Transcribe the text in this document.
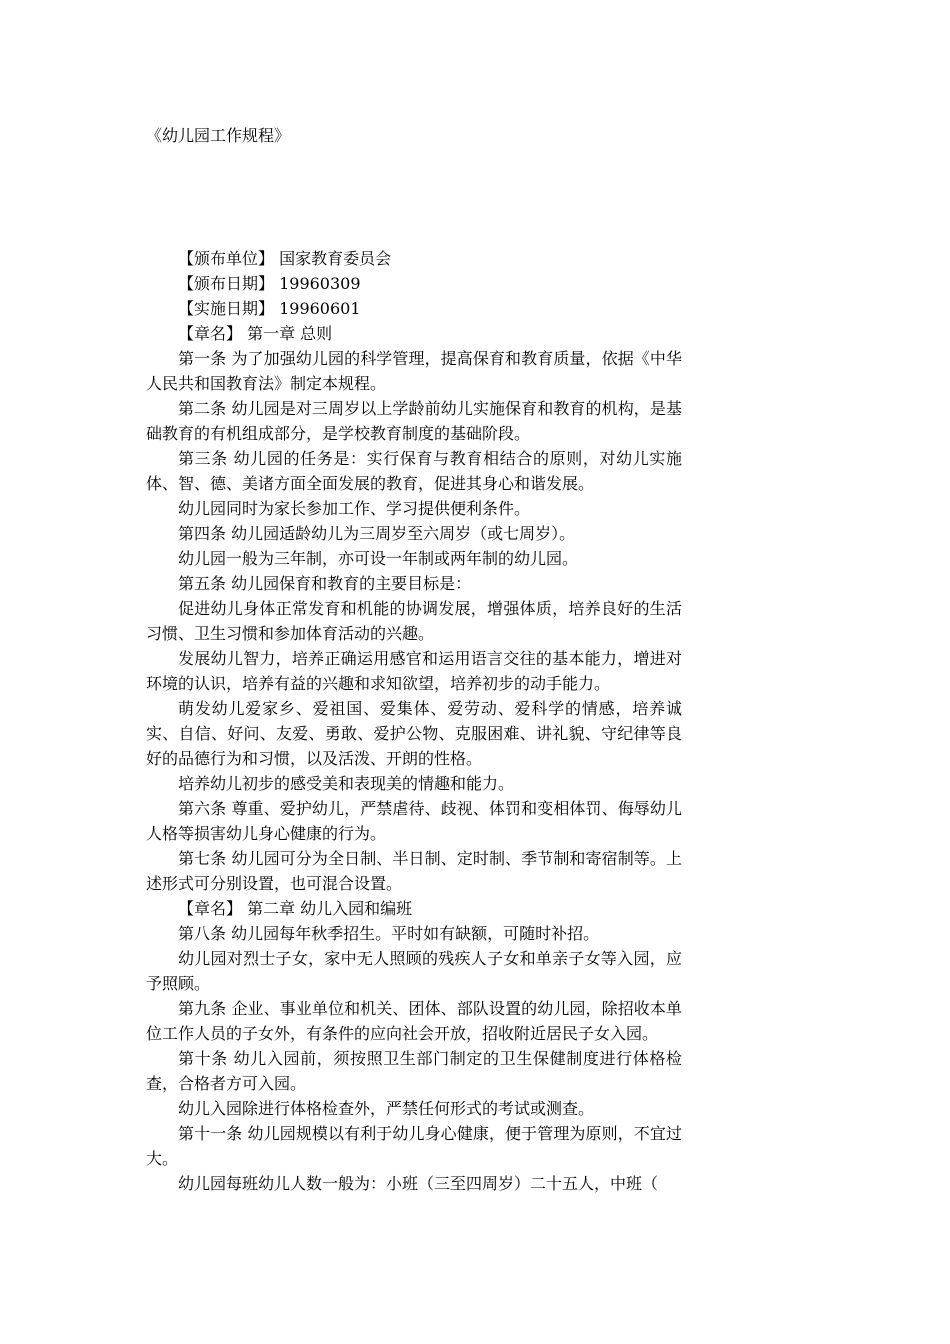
《幼儿园工作规程》

【颁布单位】 国家教育委员会

【颁布日期】 19960309

【实施日期】 19960601

【章名】 第一章 总则

第一条 为了加强幼儿园的科学管理，提高保育和教育质量，依据《中华人民共和国教育法》制定本规程。

第二条 幼儿园是对三周岁以上学龄前幼儿实施保育和教育的机构，是基础教育的有机组成部分，是学校教育制度的基础阶段。

第三条 幼儿园的任务是：实行保育与教育相结合的原则，对幼儿实施体、智、德、美诸方面全面发展的教育，促进其身心和谐发展。

幼儿园同时为家长参加工作、学习提供便利条件。

第四条 幼儿园适龄幼儿为三周岁至六周岁（或七周岁）。

幼儿园一般为三年制，亦可设一年制或两年制的幼儿园。

第五条 幼儿园保育和教育的主要目标是：

促进幼儿身体正常发育和机能的协调发展，增强体质，培养良好的生活习惯、卫生习惯和参加体育活动的兴趣。

发展幼儿智力，培养正确运用感官和运用语言交往的基本能力，增进对环境的认识，培养有益的兴趣和求知欲望，培养初步的动手能力。

萌发幼儿爱家乡、爱祖国、爱集体、爱劳动、爱科学的情感，培养诚实、自信、好问、友爱、勇敢、爱护公物、克服困难、讲礼貌、守纪律等良好的品德行为和习惯，以及活泼、开朗的性格。

培养幼儿初步的感受美和表现美的情趣和能力。

第六条 尊重、爱护幼儿，严禁虐待、歧视、体罚和变相体罚、侮辱幼儿人格等损害幼儿身心健康的行为。

第七条 幼儿园可分为全日制、半日制、定时制、季节制和寄宿制等。上述形式可分别设置，也可混合设置。

【章名】 第二章 幼儿入园和编班

第八条 幼儿园每年秋季招生。平时如有缺额，可随时补招。

幼儿园对烈士子女，家中无人照顾的残疾人子女和单亲子女等入园，应予照顾。

第九条 企业、事业单位和机关、团体、部队设置的幼儿园，除招收本单位工作人员的子女外，有条件的应向社会开放，招收附近居民子女入园。

第十条 幼儿入园前，须按照卫生部门制定的卫生保健制度进行体格检查，合格者方可入园。

幼儿入园除进行体格检查外，严禁任何形式的考试或测查。

第十一条 幼儿园规模以有利于幼儿身心健康，便于管理为原则，不宜过大。

幼儿园每班幼儿人数一般为：小班（三至四周岁）二十五人，中班（
